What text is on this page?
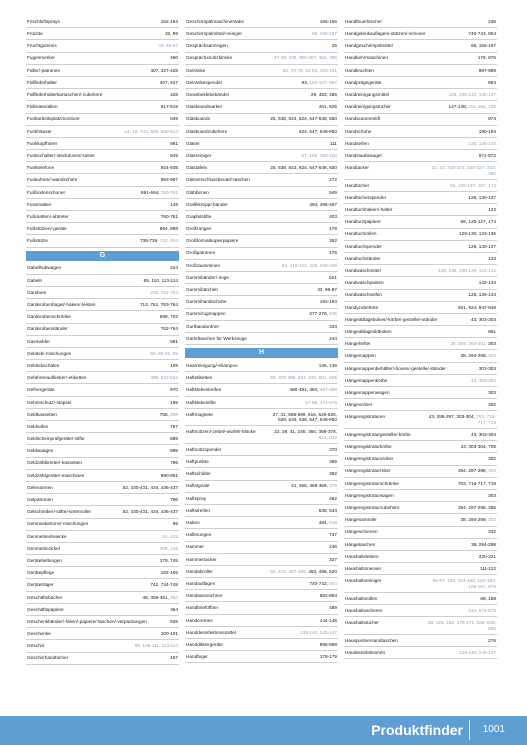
Frischluftsprays	152-153
Früchte	32, 99
Fruchtgummis	33, 96-97
Fugenmerker	460
Füller/-patronen	407, 427-428
Füllfederhalter	407, 427
Füllfederhalterkartuschen/-zubehöre	428
Füllmaterialien	517-519
Funkarbeitsplatzmonitore	949
Funkhäuser	14, 19, 743, 905, 909-914
Funkkopfhörer	981
Funkschalter/-steckdosen/-taster	949
Funktelefone	924-935
Funkuhren/-wandschirm	983-987
Fußbodenschoner	691-694, 760-761
Fussmatten	149
Fußmatten/-abtreter	760-761
Fußstützen/-geräte	894, 898
Fußstütze	738-739, 742, 904
G
Gabelhubwagen	224
Gabeln	65, 110, 113-114
Gardinen	235, 761-764
Garderobenbügel/-haken/-leisten	713, 761, 763-764
Garderobenschränke	698, 702
Garderobenständer	762-764
Gasmelder	981
Gebäck/-mischungen	65, 85-91, 95
Gebäckschalen	109
Gefahrenaufkleber/-etiketten	398, 522-524
Gefriergeräte	970
Gehörschutz/-stöpsel	195
Geldkassetten	756, 898
Geldsafes	757
Geldscheinprüfgeräte/-stifte	889
Geldwaagen	895
Geldzählbretter/-kassetten	796
Geldzählgeräte/-maschinen	890-891
Gelenarmen	52, 430-431, 434, 436-437
Gelpatronen	796
Gelschreiber/-stifte/-tintenroller	52, 430-431, 434, 436-437
Gemüsekartons/-mischungen	99
Geometriedreiecke	54, 415
Geometriezirkel	405, 416
Gerätebeltungen	179, 745
Gerätepflege	162-165
Geräteträger	742, 744-748
Geschäftsbücher	48, 358-361, 363
Geschäftspapiere	364
Geschenkbänder/-folien/-papiere/-taschen/-verpackungen	525
Geschenke	100-101
Geschirr	65, 105-111, 113-114
Geschirrhandtücher	167
Geschirrspülmaschinentabs	165-166
Geschirrspülmittel/-reiniger	66, 166-167
Gesprächsanzeigen	25
Gesprächsnotizblöcke	47-49, 332, 356-357, 362, 386
Getränke	65, 70-79, 81-83, 100-101
Getränkespender	83, 104-107, 967
Gewebeklebebänder	29, 483, 485
Glasbeardmarker	461, 625
Glasboards	25, 538, 543, 624, 647-648, 650
Glasboardzubehöre	624, 647, 649-650
Gläser	111
Glasreiniger	57, 155, 159-160
Glastafeln	25, 538, 543, 624, 647-648, 650
Gleitverschlussbeutel/-taschen	272
Glühbirnen	949
Grafikkrepp/-bänder	484, 496-497
Graphitstifte	403
Greifzangen	179
Großformatkopierpapiere	352
Großpatronen	175
Großraumminen	52, 418-423, 425, 428-429
Gummibänder/-ringe	521
Gummibärchen	33, 96-97
Gummihandschuhe	192-193
Gummizugmappen	277-279, 945
Gurtbandordner	333
Gürteltaschen für Werkzeuge	244
H
Haarreinigung/-shampoo	136, 139
Haftetiketten	50, 378-388, 523, 532, 801, 805
Haftklebestreifen	480-481, 484, 497-498
Haftklebestifte	57-58, 474-475
Haftmagnete	27, 31, 598-599, 616, 625-626, 628, 634, 638, 647, 649-650
Haftnotizen/-zettel/-würfel/-blöcke	22, 29, 41, 246, 365, 368-376, 614, 632
Haftnotizspender	370
Haftpunkte	389
Haftschilder	382
Haftsignale	41, 365, 368-369, 376
Haftspray	482
Haftstreifen	538, 543
Haken	484, 616
Hallerungen	747
Hammer	246
Hammertacker	327
Handabroller	56, 475, 487-488, 493, 498, 520
Handauflagen	740-742, 904
Handauszeichner	892-893
Handbrieföffner	489
Handcremes	144-145
Handdesinfektionsmittel	139-140, 145-147
Handdiktiergeräte	895-898
Handfeger	178-179
Handfeuerlöscher	236
Handgelenkauflagen/-stützen/-schoner	740-743, 904
Handgeschirrspülmittel	66, 166-167
Handkehrmaschinen	178, 976
Handleuchten	987-989
Handprägegeräte	863
Handreinigungsmittel	125, 136-142, 145-147
Handreinigungstücher	147-148, 151-152, 155
Handscanerestift	874
Handschuhe	190-194
Handseifen	125, 136-143
Handstaubsauger	971-972
Handtacker	22, 43, 318-324, 326-327, 343, 350
Handtücher	66, 125-137, 167, 174
Handtücherspender	125, 130-137
Handtuchhaken/-halter	123
Handtuchpapiere	68, 125-127, 174
Handtuchrollen	129-130, 133-136
Handtuchspender	125, 130-137
Handtuchständer	123
Handwaschmittel	125, 136, 138-139, 141-142
Handwaschpasten	142-143
Handwaschseifen	125, 136-143
Handyzubehöre	921, 924, 947-948
Hängeablagebokes/-körbe/-gestelle/-ständer	43, 303-304
Hängeablagesktboken	861
Hängehefter	38, 284, 294-301, 303
Hängemappen	38, 294-298, 303
Hängemappenbehälter/-boxen/-gestelle/-ständer	303-304
Hängemappenkörbe	43, 303-304
Hängemappenwagen	303
Hängeordner	302
Hängeregistraturen	43, 295-297, 303-304, 703, 716-717, 719
Hängeregistraturgestelle/-körbe	43, 303-304
Hängeregistraturkörbe	43, 303-304, 705
Hängeregistraturordner	302
Hängeregistraturreiter	294, 297-298, 303
Hängeregistraturschränke	703, 716-717, 719
Hängeregistraturwagen	303
Hängeregistraturzubehöre	294, 297-298, 356
Hängesammler	38, 294-299, 302
Hängeschienen	332
Hängetaschen	38, 294-298
Haushaltsleitern	220-221
Haushaltsmesser	111-112
Haushaltsreiniger	56-57, 150, 153-160, 162-163, 166-167, 974
Haushaltsrollen	68, 168
Haushaltsscheren	244, 572-575
Haushaltstücher	68, 125, 168, 170-171, 825, 828, 850
Hauspostversandtaschen	276
Hautdesinfektionen	139-140, 145-147
Produktfinder 1001
